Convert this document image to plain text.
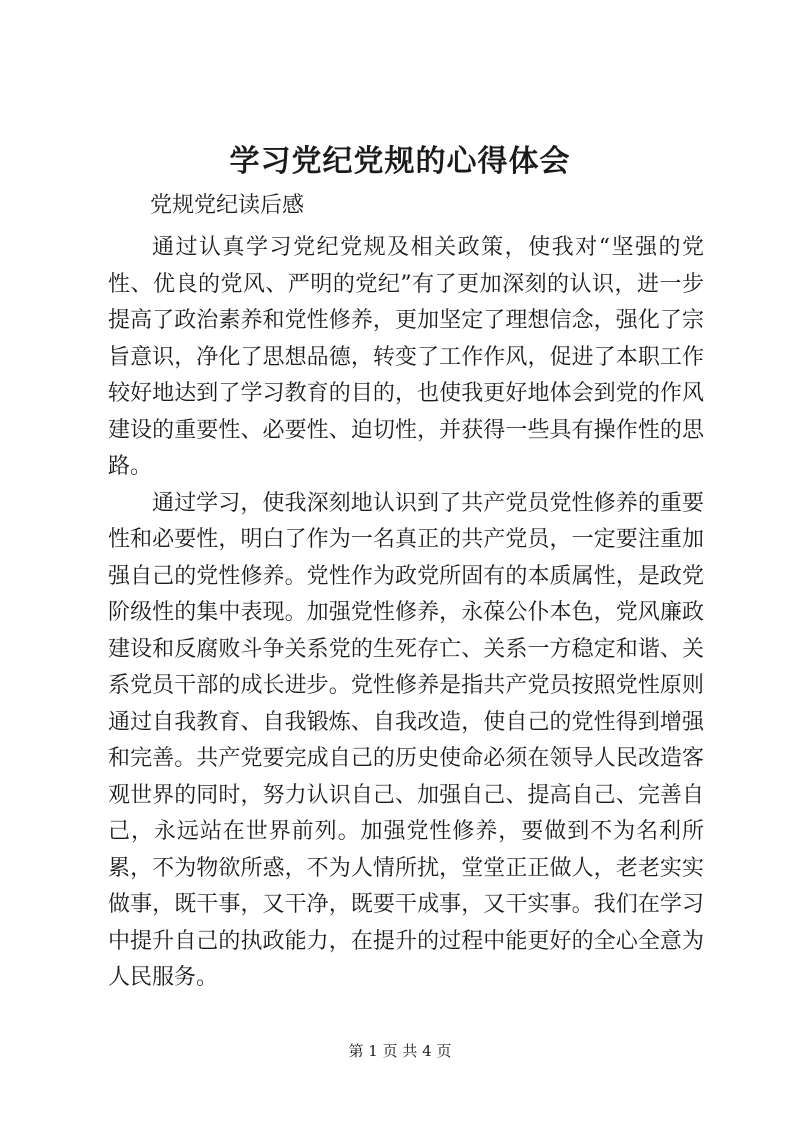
学习党纪党规的心得体会
党规党纪读后感

通过认真学习党纪党规及相关政策，使我对“坚强的党性、优良的党风、严明的党纪”有了更加深刻的认识，进一步提高了政治素养和党性修养，更加坚定了理想信念，强化了宗旨意识，净化了思想品德，转变了工作作风，促进了本职工作较好地达到了学习教育的目的，也使我更好地体会到党的作风建设的重要性、必要性、迫切性，并获得一些具有操作性的思路。

通过学习，使我深刻地认识到了共产党员党性修养的重要性和必要性，明白了作为一名真正的共产党员，一定要注重加强自己的党性修养。党性作为政党所固有的本质属性，是政党阶级性的集中表现。加强党性修养，永葆公仆本色，党风廉政建设和反腐败斗争关系党的生死存亡、关系一方稳定和谐、关系党员干部的成长进步。党性修养是指共产党员按照党性原则通过自我教育、自我锻炼、自我改造，使自己的党性得到增强和完善。共产党要完成自己的历史使命必须在领导人民改造客观世界的同时，努力认识自己、加强自己、提高自己、完善自己，永远站在世界前列。加强党性修养，要做到不为名利所累，不为物欲所惑，不为人情所扰，堂堂正正做人，老老实实做事，既干事，又干净，既要干成事，又干实事。我们在学习中提升自己的执政能力，在提升的过程中能更好的全心全意为人民服务。

第 1 页 共 4 页
